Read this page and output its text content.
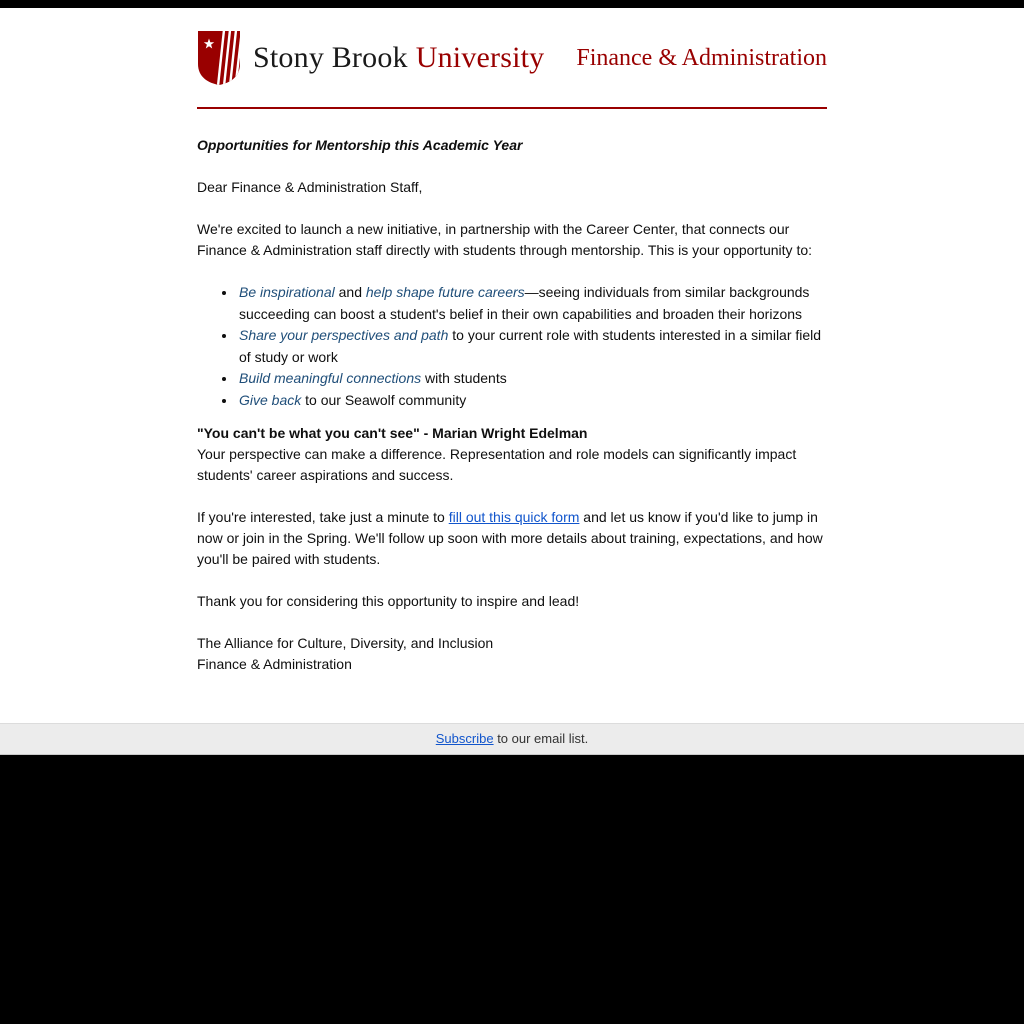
Stony Brook University Finance & Administration

Opportunities for Mentorship this Academic Year

Dear Finance & Administration Staff,

We're excited to launch a new initiative, in partnership with the Career Center, that connects our Finance & Administration staff directly with students through mentorship. This is your opportunity to:

• Be inspirational and help shape future careers—seeing individuals from similar backgrounds succeeding can boost a student's belief in their own capabilities and broaden their horizons
• Share your perspectives and path to your current role with students interested in a similar field of study or work
• Build meaningful connections with students
• Give back to our Seawolf community

"You can't be what you can't see" - Marian Wright Edelman

Your perspective can make a difference. Representation and role models can significantly impact students' career aspirations and success.

If you're interested, take just a minute to fill out this quick form and let us know if you'd like to jump in now or join in the Spring. We'll follow up soon with more details about training, expectations, and how you'll be paired with students.

Thank you for considering this opportunity to inspire and lead!

The Alliance for Culture, Diversity, and Inclusion
Finance & Administration

Subscribe to our email list.
